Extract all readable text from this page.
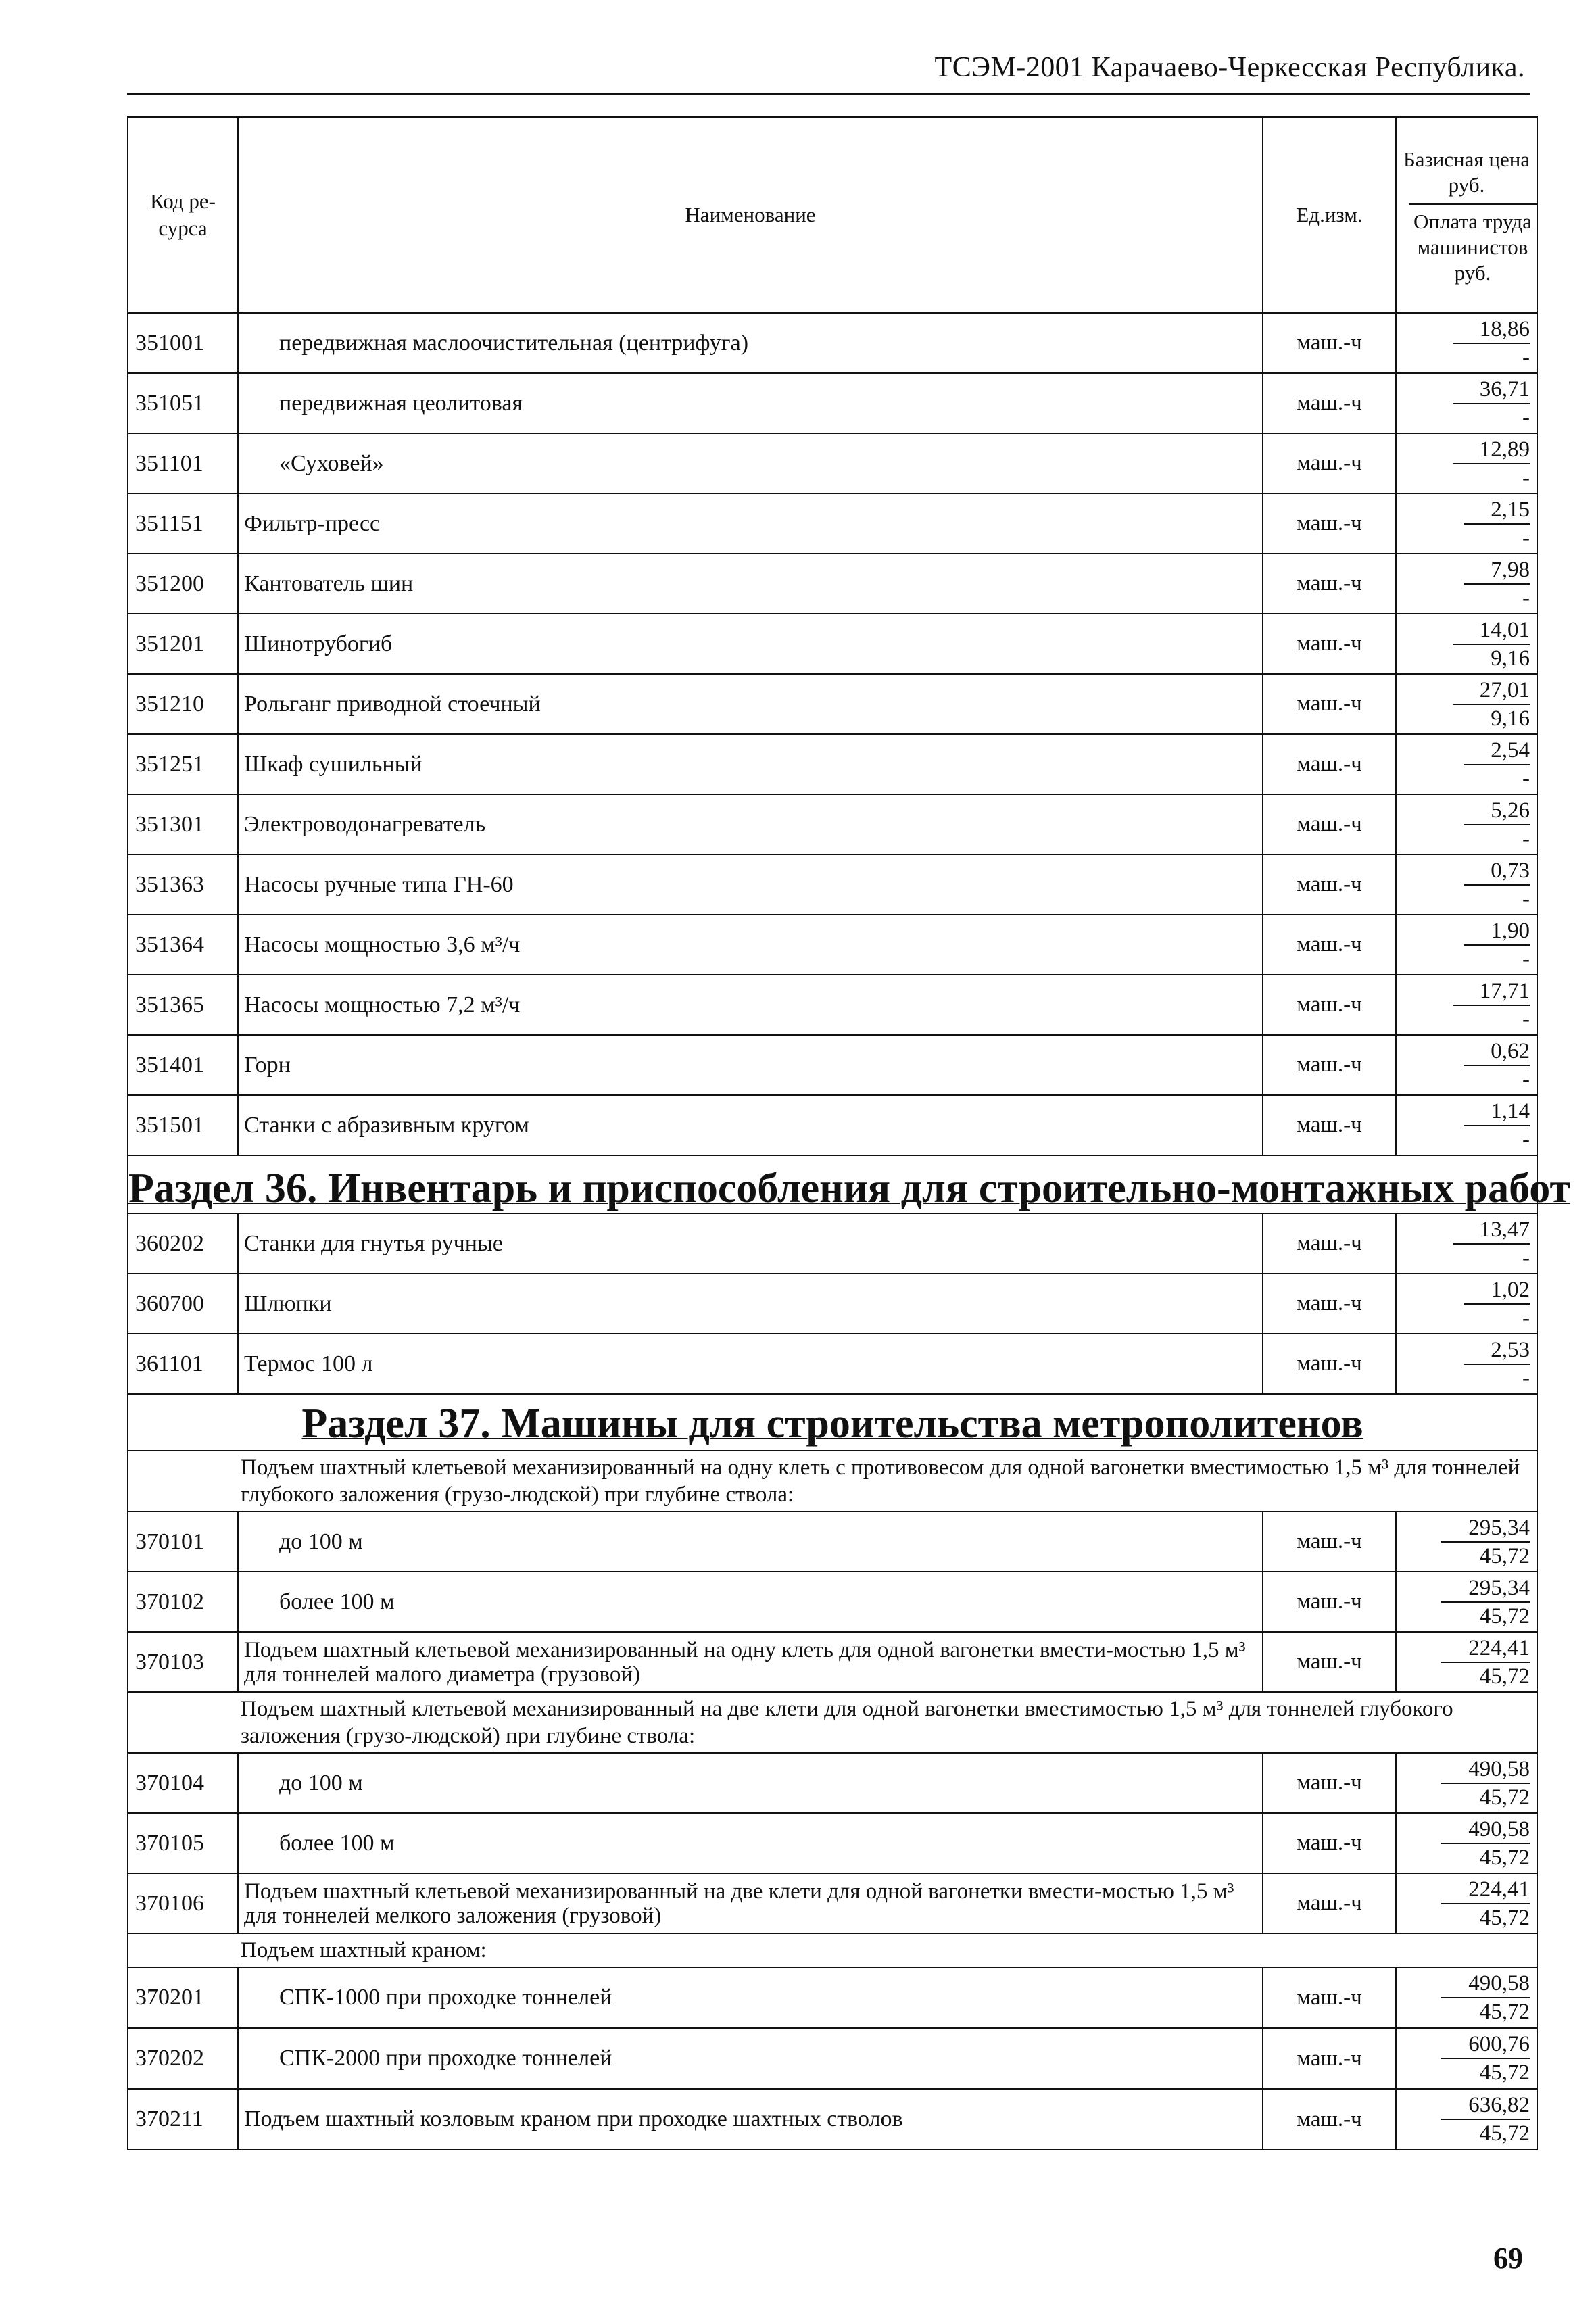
ТСЭМ-2001 Карачаево-Черкесская Республика.
Код ре-сурса	Наименование	Ед.изм.	Базисная цена руб.
Оплата труда машинистов руб.

351001	передвижная маслоочистительная (центрифуга)	маш.-ч	18,86
-

351051	передвижная цеолитовая	маш.-ч	36,71
-

351101	«Суховей»	маш.-ч	12,89
-

351151	Фильтр-пресс	маш.-ч	2,15
-

351200	Кантователь шин	маш.-ч	7,98
-

351201	Шинотрубогиб	маш.-ч	14,01
9,16

351210	Рольганг приводной стоечный	маш.-ч	27,01
9,16

351251	Шкаф сушильный	маш.-ч	2,54
-

351301	Электроводонагреватель	маш.-ч	5,26
-

351363	Насосы ручные типа ГН-60	маш.-ч	0,73
-

351364	Насосы мощностью 3,6 м³/ч	маш.-ч	1,90
-

351365	Насосы мощностью 7,2 м³/ч	маш.-ч	17,71
-

351401	Горн	маш.-ч	0,62
-

351501	Станки с абразивным кругом	маш.-ч	1,14
-

Раздел 36. Инвентарь и приспособления для строительно-монтажных работ			

360202	Станки для гнутья ручные	маш.-ч	13,47
-

360700	Шлюпки	маш.-ч	1,02
-

361101	Термос 100 л	маш.-ч	2,53
-

Раздел 37. Машины для строительства метрополитенов			

Подъем шахтный клетьевой механизированный на одну клеть с противовесом для одной вагонетки вместимостью 1,5 м³ для тоннелей глубокого заложения (грузо-людской) при глубине ствола:			
370101	до 100 м	маш.-ч	295,34
45,72

370102	более 100 м	маш.-ч	295,34
45,72

370103	Подъем шахтный клетьевой механизированный на одну клеть для одной вагонетки вмести-мостью 1,5 м³ для тоннелей малого диаметра (грузовой)	маш.-ч	224,41
45,72

Подъем шахтный клетьевой механизированный на две клети для одной вагонетки вместимостью 1,5 м³ для тоннелей глубокого заложения (грузо-людской) при глубине ствола:			
370104	до 100 м	маш.-ч	490,58
45,72

370105	более 100 м	маш.-ч	490,58
45,72

370106	Подъем шахтный клетьевой механизированный на две клети для одной вагонетки вмести-мостью 1,5 м³ для тоннелей мелкого заложения (грузовой)	маш.-ч	224,41
45,72

Подъем шахтный краном:			
370201	СПК-1000 при проходке тоннелей	маш.-ч	490,58
45,72

370202	СПК-2000 при проходке тоннелей	маш.-ч	600,76
45,72

370211	Подъем шахтный козловым краном при проходке шахтных стволов	маш.-ч	636,82
45,72
69
